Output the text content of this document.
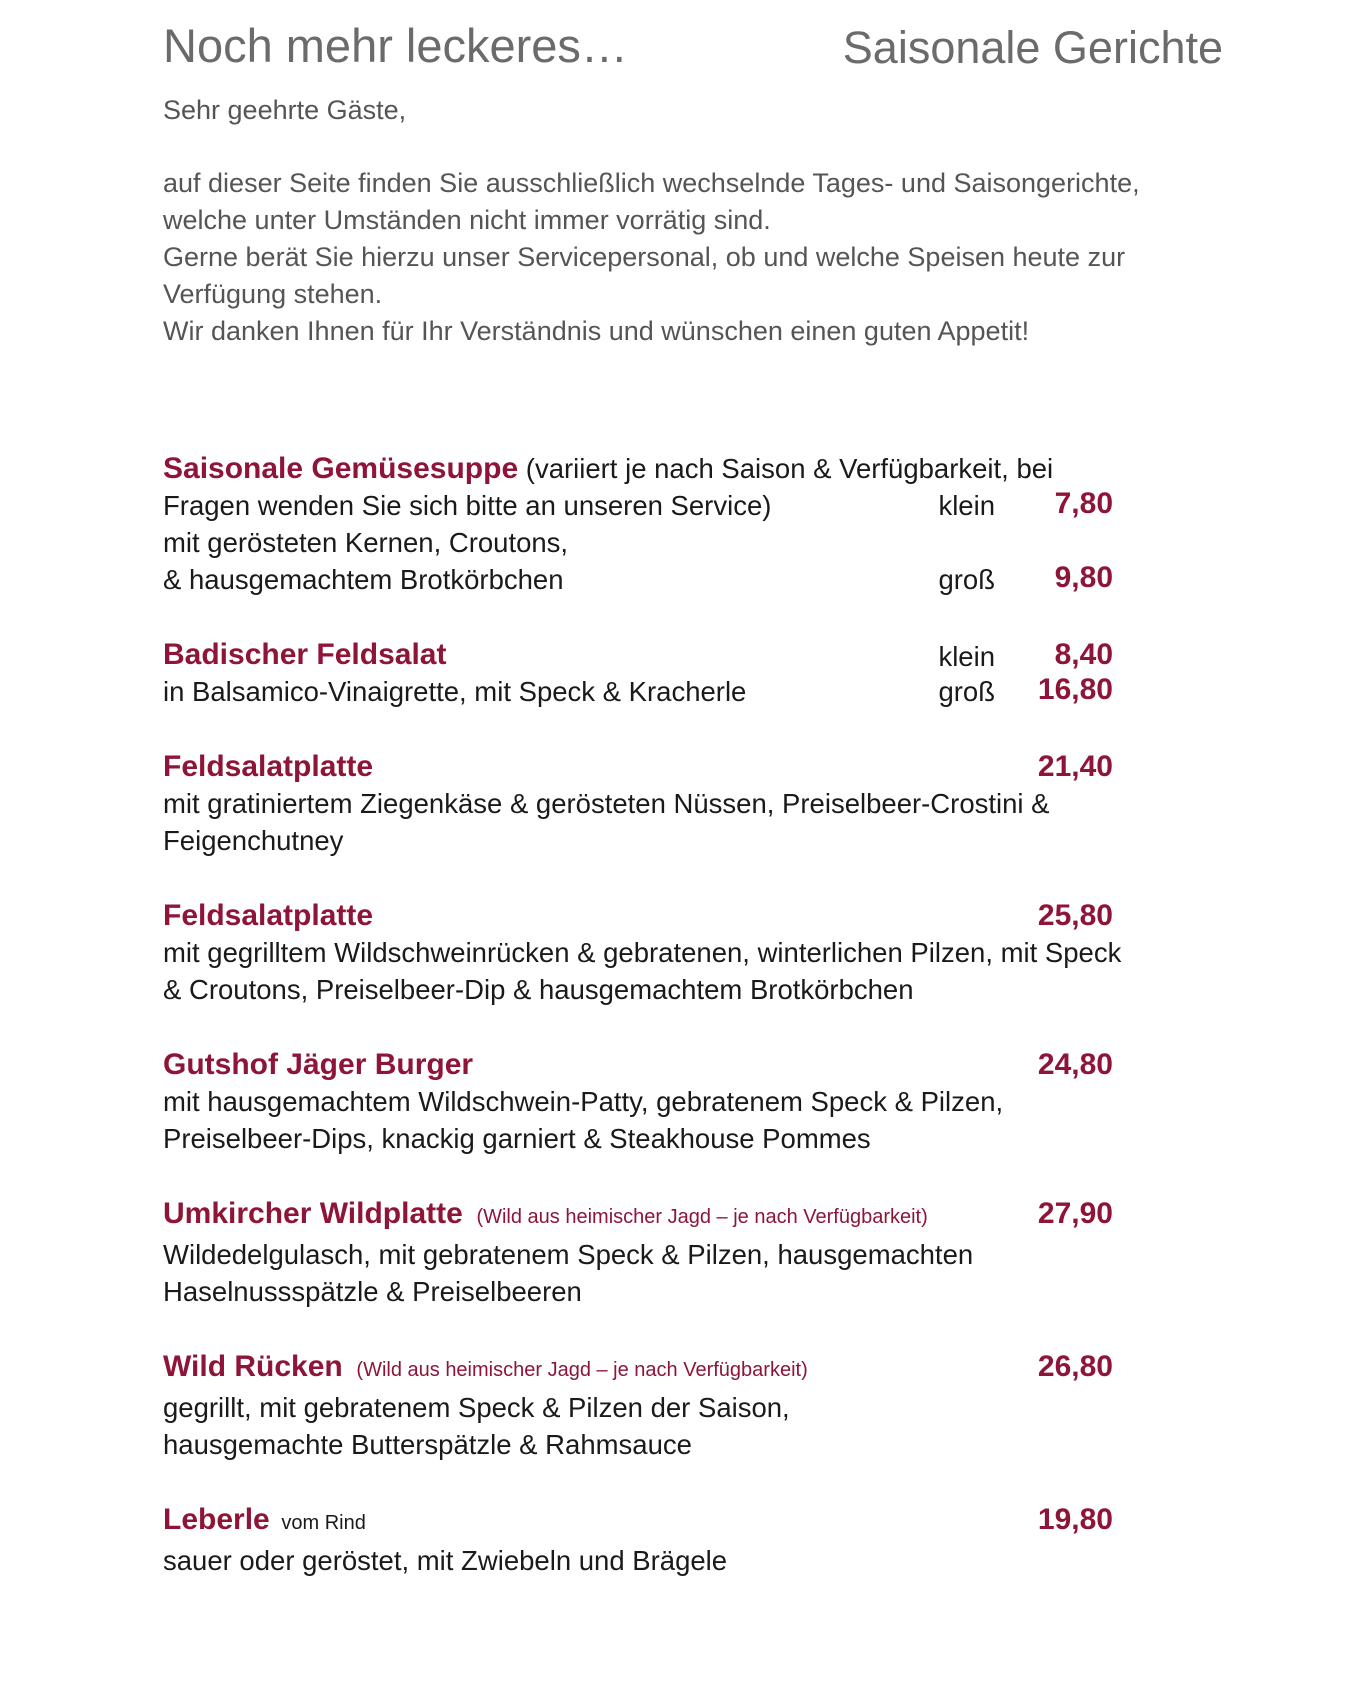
Noch mehr leckeres…	Saisonale Gerichte

Sehr geehrte Gäste,

auf dieser Seite finden Sie ausschließlich wechselnde Tages- und Saisongerichte,

welche unter Umständen nicht immer vorrätig sind.

Gerne berät Sie hierzu unser Servicepersonal, ob und welche Speisen heute zur

Verfügung stehen.

Wir danken Ihnen für Ihr Verständnis und wünschen einen guten Appetit!

Saisonale Gemüsesuppe (variiert je nach Saison & Verfügbarkeit, bei
Fragen wenden Sie sich bitte an unseren Service)	klein 7,80
mit gerösteten Kernen, Croutons,
& hausgemachtem Brotkörbchen	groß 9,80
Badischer Feldsalat	klein 8,40
in Balsamico-Vinaigrette, mit Speck & Kracherle	groß 16,80
Feldsalatplatte	21,40
mit gratiniertem Ziegenkäse & gerösteten Nüssen, Preiselbeer-Crostini &
Feigenchutney
Feldsalatplatte	25,80
mit gegrilltem Wildschweinrücken & gebratenen, winterlichen Pilzen, mit Speck
& Croutons, Preiselbeer-Dip & hausgemachtem Brotkörbchen
Gutshof Jäger Burger	24,80
mit hausgemachtem Wildschwein-Patty, gebratenem Speck & Pilzen,
Preiselbeer-Dips, knackig garniert & Steakhouse Pommes
Umkircher Wildplatte (Wild aus heimischer Jagd – je nach Verfügbarkeit)	27,90
Wildedelgulasch, mit gebratenem Speck & Pilzen, hausgemachten
Haselnussspätzle & Preiselbeeren
Wild Rücken (Wild aus heimischer Jagd – je nach Verfügbarkeit)	26,80
gegrillt, mit gebratenem Speck & Pilzen der Saison,
hausgemachte Butterspätzle & Rahmsauce
Leberle vom Rind	19,80
sauer oder geröstet, mit Zwiebeln und Brägele
